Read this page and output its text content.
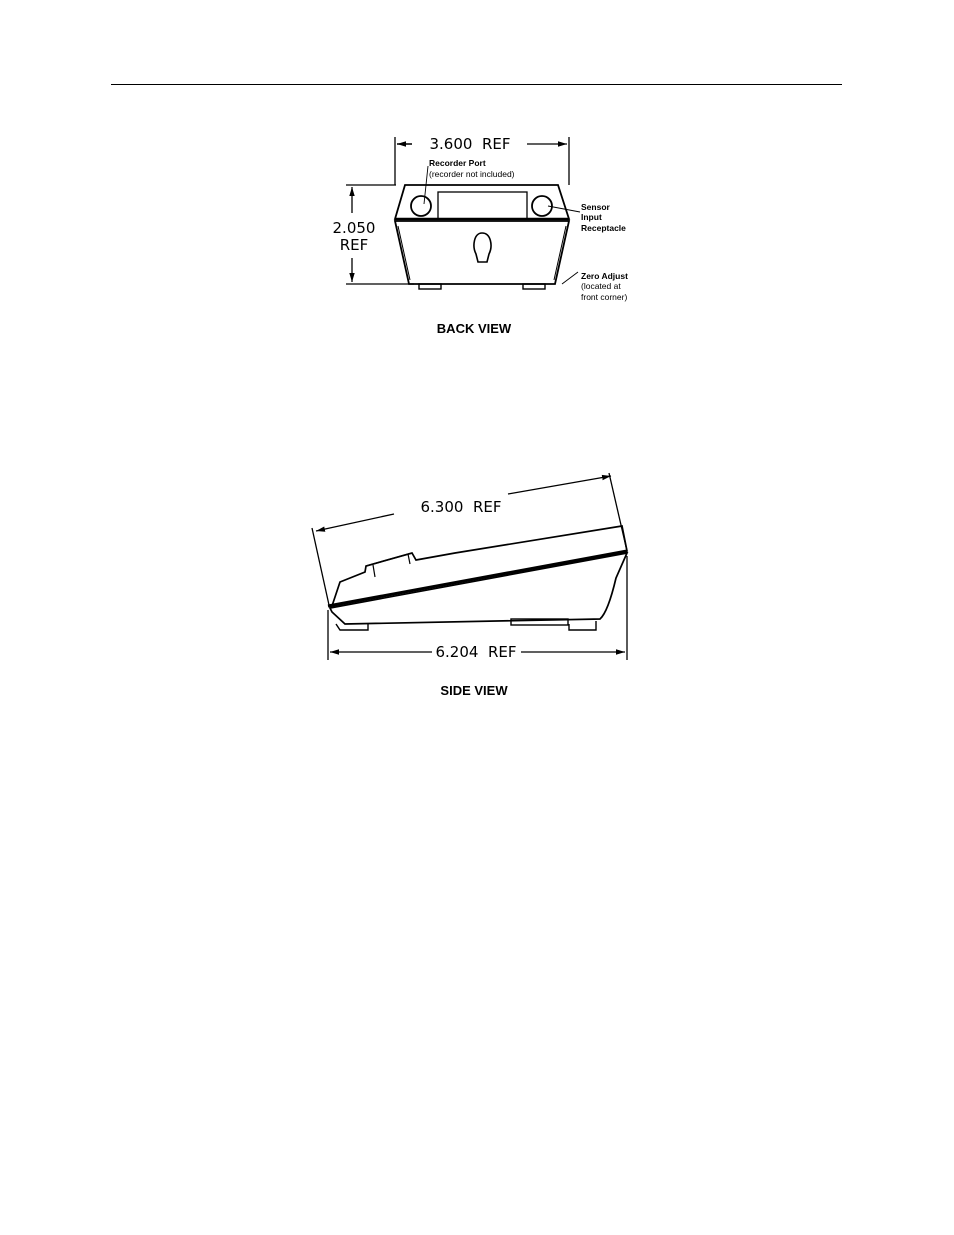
3.600  REF
2.050
REF
Recorder Port
(recorder not included)
Sensor
Input
Receptacle
Zero Adjust
(located at
front corner)
6.300  REF
6.204  REF
BACK VIEW
SIDE VIEW
